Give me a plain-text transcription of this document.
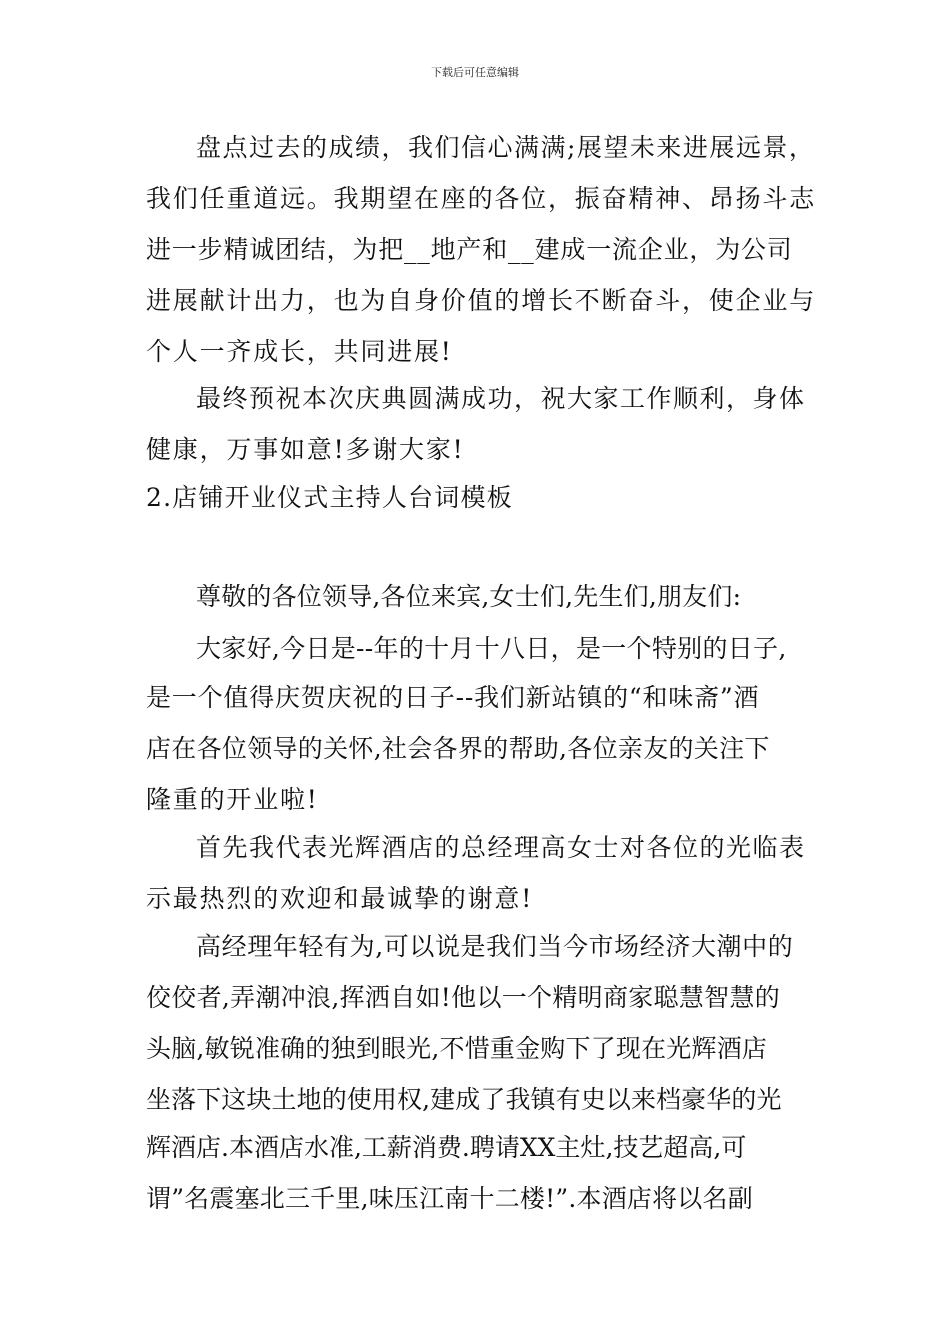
下载后可任意编辑
盘点过去的成绩，我们信心满满;展望未来进展远景，
我们任重道远。我期望在座的各位，振奋精神、昂扬斗志
进一步精诚团结，为把__地产和__建成一流企业，为公司
进展献计出力，也为自身价值的增长不断奋斗，使企业与
个人一齐成长，共同进展!
最终预祝本次庆典圆满成功，祝大家工作顺利，身体
健康，万事如意!多谢大家!
2.店铺开业仪式主持人台词模板
尊敬的各位领导,各位来宾,女士们,先生们,朋友们:
大家好,今日是--年的十月十八日，是一个特别的日子,
是一个值得庆贺庆祝的日子--我们新站镇的“和味斋”酒
店在各位领导的关怀,社会各界的帮助,各位亲友的关注下
隆重的开业啦!
首先我代表光辉酒店的总经理高女士对各位的光临表
示最热烈的欢迎和最诚挚的谢意!
高经理年轻有为,可以说是我们当今市场经济大潮中的
佼佼者,弄潮冲浪,挥洒自如!他以一个精明商家聪慧智慧的
头脑,敏锐准确的独到眼光,不惜重金购下了现在光辉酒店
坐落下这块土地的使用权,建成了我镇有史以来档豪华的光
辉酒店.本酒店水准,工薪消费.聘请XX主灶,技艺超高,可
谓”名震塞北三千里,味压江南十二楼!”.本酒店将以名副
